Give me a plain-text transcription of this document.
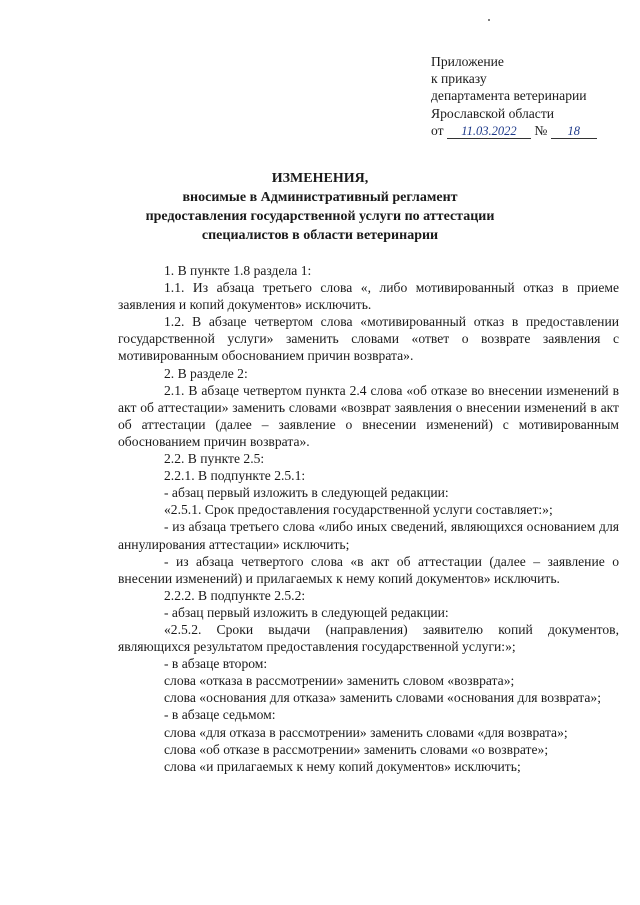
Приложение
к приказу
департамента ветеринарии
Ярославской области
от 11.03.2022 № 18
ИЗМЕНЕНИЯ,
вносимые в Административный регламент предоставления государственной услуги по аттестации специалистов в области ветеринарии

1. В пункте 1.8 раздела 1:

1.1. Из абзаца третьего слова «, либо мотивированный отказ в приеме заявления и копий документов» исключить.

1.2. В абзаце четвертом слова «мотивированный отказ в предоставлении государственной услуги» заменить словами «ответ о возврате заявления с мотивированным обоснованием причин возврата».

2. В разделе 2:

2.1. В абзаце четвертом пункта 2.4 слова «об отказе во внесении изменений в акт об аттестации» заменить словами «возврат заявления о внесении изменений в акт об аттестации (далее – заявление о внесении изменений) с мотивированным обоснованием причин возврата».

2.2. В пункте 2.5:

2.2.1. В подпункте 2.5.1:

- абзац первый изложить в следующей редакции:

«2.5.1. Срок предоставления государственной услуги составляет:»;

- из абзаца третьего слова «либо иных сведений, являющихся основанием для аннулирования аттестации» исключить;

- из абзаца четвертого слова «в акт об аттестации (далее – заявление о внесении изменений) и прилагаемых к нему копий документов» исключить.

2.2.2. В подпункте 2.5.2:

- абзац первый изложить в следующей редакции:

«2.5.2. Сроки выдачи (направления) заявителю копий документов, являющихся результатом предоставления государственной услуги:»;

- в абзаце втором:

слова «отказа в рассмотрении» заменить словом «возврата»;

слова «основания для отказа» заменить словами «основания для возврата»;

- в абзаце седьмом:

слова «для отказа в рассмотрении» заменить словами «для возврата»;

слова «об отказе в рассмотрении» заменить словами «о возврате»;

слова «и прилагаемых к нему копий документов» исключить;
